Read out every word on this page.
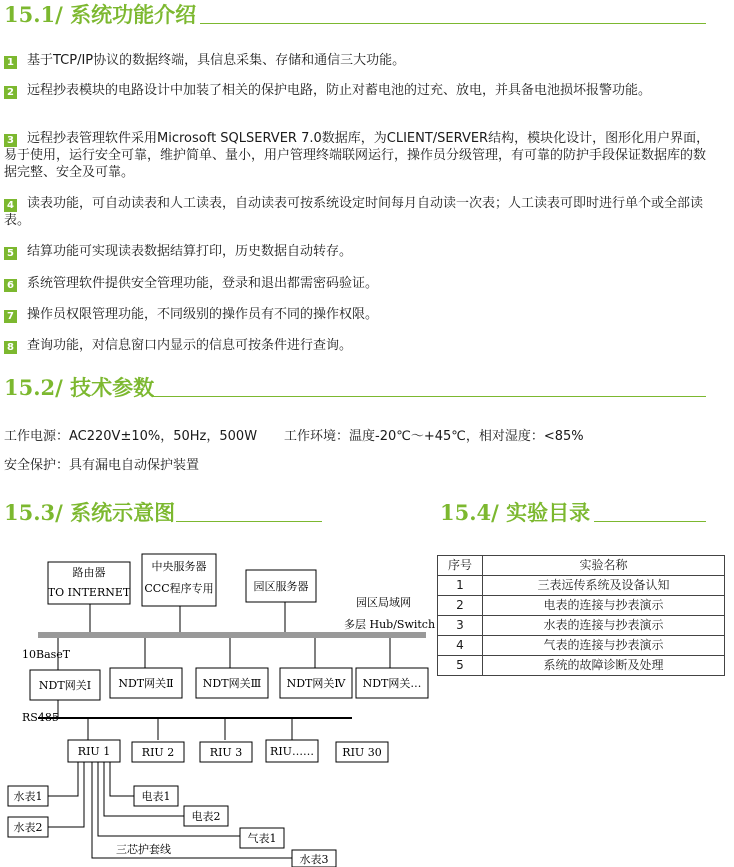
15.1/ 系统功能介绍
1 基于TCP/IP协议的数据终端，具信息采集、存储和通信三大功能。
2 远程抄表模块的电路设计中加装了相关的保护电路，防止对蓄电池的过充、放电，并具备电池损坏报警功能。
3 远程抄表管理软件采用Microsoft SQLSERVER 7.0数据库，为CLIENT/SERVER结构，模块化设计，图形化用户界面，易于使用，运行安全可靠，维护简单、量小，用户管理终端联网运行，操作员分级管理，有可靠的防护手段保证数据库的数据完整、安全及可靠。
4 读表功能，可自动读表和人工读表，自动读表可按系统设定时间每月自动读一次表；人工读表可即时进行单个或全部读表。
5 结算功能可实现读表数据结算打印，历史数据自动转存。
6 系统管理软件提供安全管理功能，登录和退出都需密码验证。
7 操作员权限管理功能，不同级别的操作员有不同的操作权限。
8 查询功能，对信息窗口内显示的信息可按条件进行查询。
15.2/ 技术参数
工作电源：AC220V±10%，50Hz，500W 工作环境：温度-20℃～+45℃，相对湿度：<85%
安全保护：具有漏电自动保护装置
15.3/ 系统示意图	15.4/ 实验目录
序号	实验名称
1	三表远传系统及设备认知
2	电表的连接与抄表演示
3	水表的连接与抄表演示
4	气表的连接与抄表演示
5	系统的故障诊断及处理
路由器
TO INTERNET
中央服务器
CCC程序专用	园区服务器
园区局域网
多层 Hub/Switch
10BaseT
NDT网关Ⅰ NDT网关Ⅱ	NDT网关Ⅲ NDT网关Ⅳ NDT网关…
RS485
RIU 1	RIU 2	RIU 3	RIU……	RIU 30
水表1
水表2
电表1
电表2
气表1
水表3
三芯护套线
